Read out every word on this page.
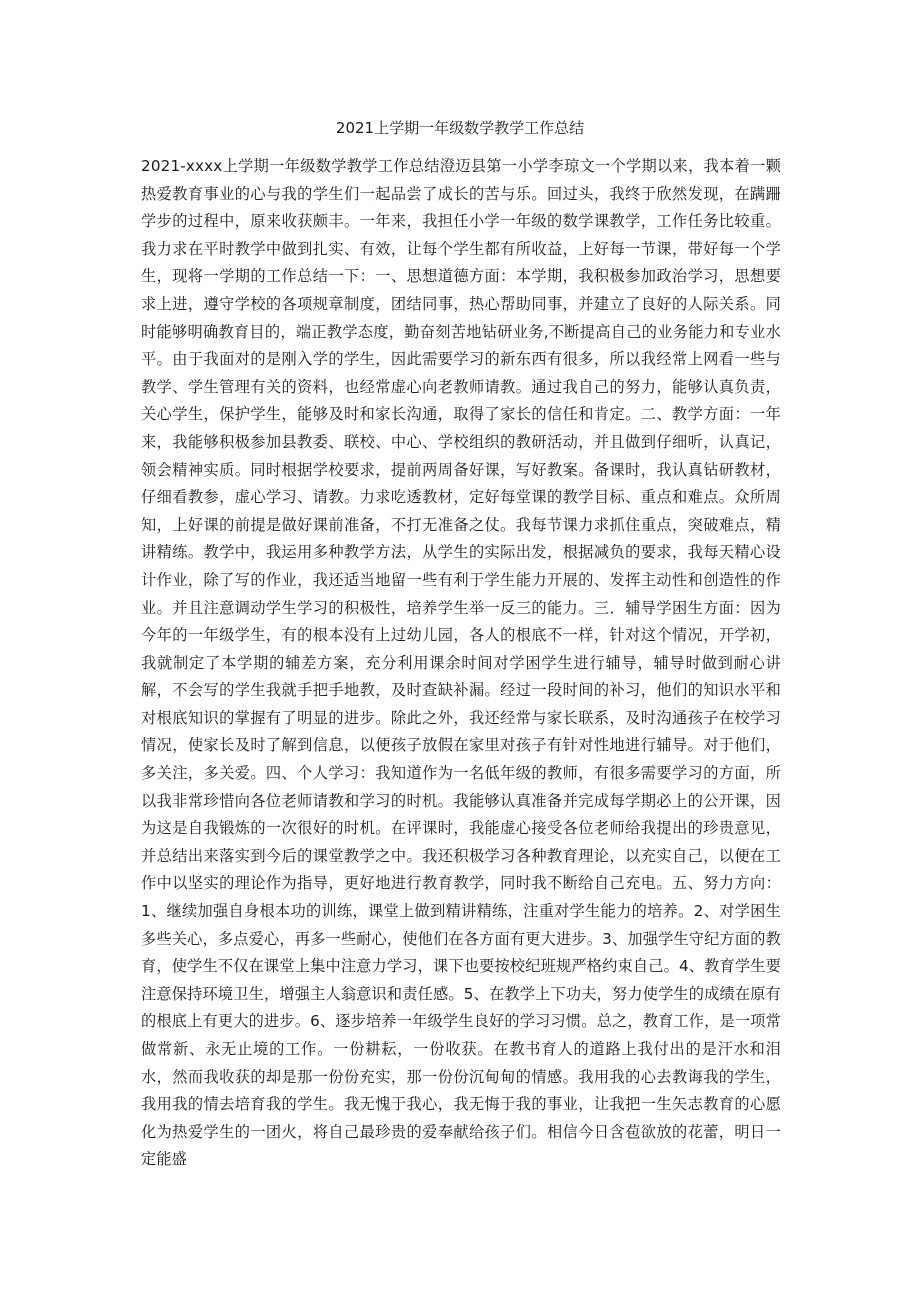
2021上学期一年级数学教学工作总结

2021-xxxx上学期一年级数学教学工作总结澄迈县第一小学李琼文一个学期以来，我本着一颗热爱教育事业的心与我的学生们一起品尝了成长的苦与乐。回过头，我终于欣然发现，在蹒跚学步的过程中，原来收获颇丰。一年来，我担任小学一年级的数学课教学，工作任务比较重。我力求在平时教学中做到扎实、有效，让每个学生都有所收益，上好每一节课，带好每一个学生，现将一学期的工作总结一下：一、思想道德方面：本学期，我积极参加政治学习，思想要求上进，遵守学校的各项规章制度，团结同事，热心帮助同事，并建立了良好的人际关系。同时能够明确教育目的，端正教学态度，勤奋刻苦地钻研业务,不断提高自己的业务能力和专业水平。由于我面对的是刚入学的学生，因此需要学习的新东西有很多，所以我经常上网看一些与教学、学生管理有关的资料，也经常虚心向老教师请教。通过我自己的努力，能够认真负责，关心学生，保护学生，能够及时和家长沟通，取得了家长的信任和肯定。二、教学方面：一年来，我能够积极参加县教委、联校、中心、学校组织的教研活动，并且做到仔细听，认真记，领会精神实质。同时根据学校要求，提前两周备好课，写好教案。备课时，我认真钻研教材，仔细看教参，虚心学习、请教。力求吃透教材，定好每堂课的教学目标、重点和难点。众所周知，上好课的前提是做好课前准备，不打无准备之仗。我每节课力求抓住重点，突破难点，精讲精练。教学中，我运用多种教学方法，从学生的实际出发，根据减负的要求，我每天精心设计作业，除了写的作业，我还适当地留一些有利于学生能力开展的、发挥主动性和创造性的作业。并且注意调动学生学习的积极性，培养学生举一反三的能力。三．辅导学困生方面：因为今年的一年级学生，有的根本没有上过幼儿园，各人的根底不一样，针对这个情况，开学初，我就制定了本学期的辅差方案，充分利用课余时间对学困学生进行辅导，辅导时做到耐心讲解，不会写的学生我就手把手地教，及时查缺补漏。经过一段时间的补习，他们的知识水平和对根底知识的掌握有了明显的进步。除此之外，我还经常与家长联系，及时沟通孩子在校学习情况，使家长及时了解到信息，以便孩子放假在家里对孩子有针对性地进行辅导。对于他们，多关注，多关爱。四、个人学习：我知道作为一名低年级的教师，有很多需要学习的方面，所以我非常珍惜向各位老师请教和学习的时机。我能够认真准备并完成每学期必上的公开课，因为这是自我锻炼的一次很好的时机。在评课时，我能虚心接受各位老师给我提出的珍贵意见，并总结出来落实到今后的课堂教学之中。我还积极学习各种教育理论，以充实自己，以便在工作中以坚实的理论作为指导，更好地进行教育教学，同时我不断给自己充电。五、努力方向：1、继续加强自身根本功的训练，课堂上做到精讲精练，注重对学生能力的培养。2、对学困生多些关心，多点爱心，再多一些耐心，使他们在各方面有更大进步。3、加强学生守纪方面的教育，使学生不仅在课堂上集中注意力学习，课下也要按校纪班规严格约束自己。4、教育学生要注意保持环境卫生，增强主人翁意识和责任感。5、在教学上下功夫，努力使学生的成绩在原有的根底上有更大的进步。6、逐步培养一年级学生良好的学习习惯。总之，教育工作，是一项常做常新、永无止境的工作。一份耕耘，一份收获。在教书育人的道路上我付出的是汗水和泪水，然而我收获的却是那一份份充实，那一份份沉甸甸的情感。我用我的心去教诲我的学生，我用我的情去培育我的学生。我无愧于我心，我无悔于我的事业，让我把一生矢志教育的心愿化为热爱学生的一团火，将自己最珍贵的爱奉献给孩子们。相信今日含苞欲放的花蕾，明日一定能盛
